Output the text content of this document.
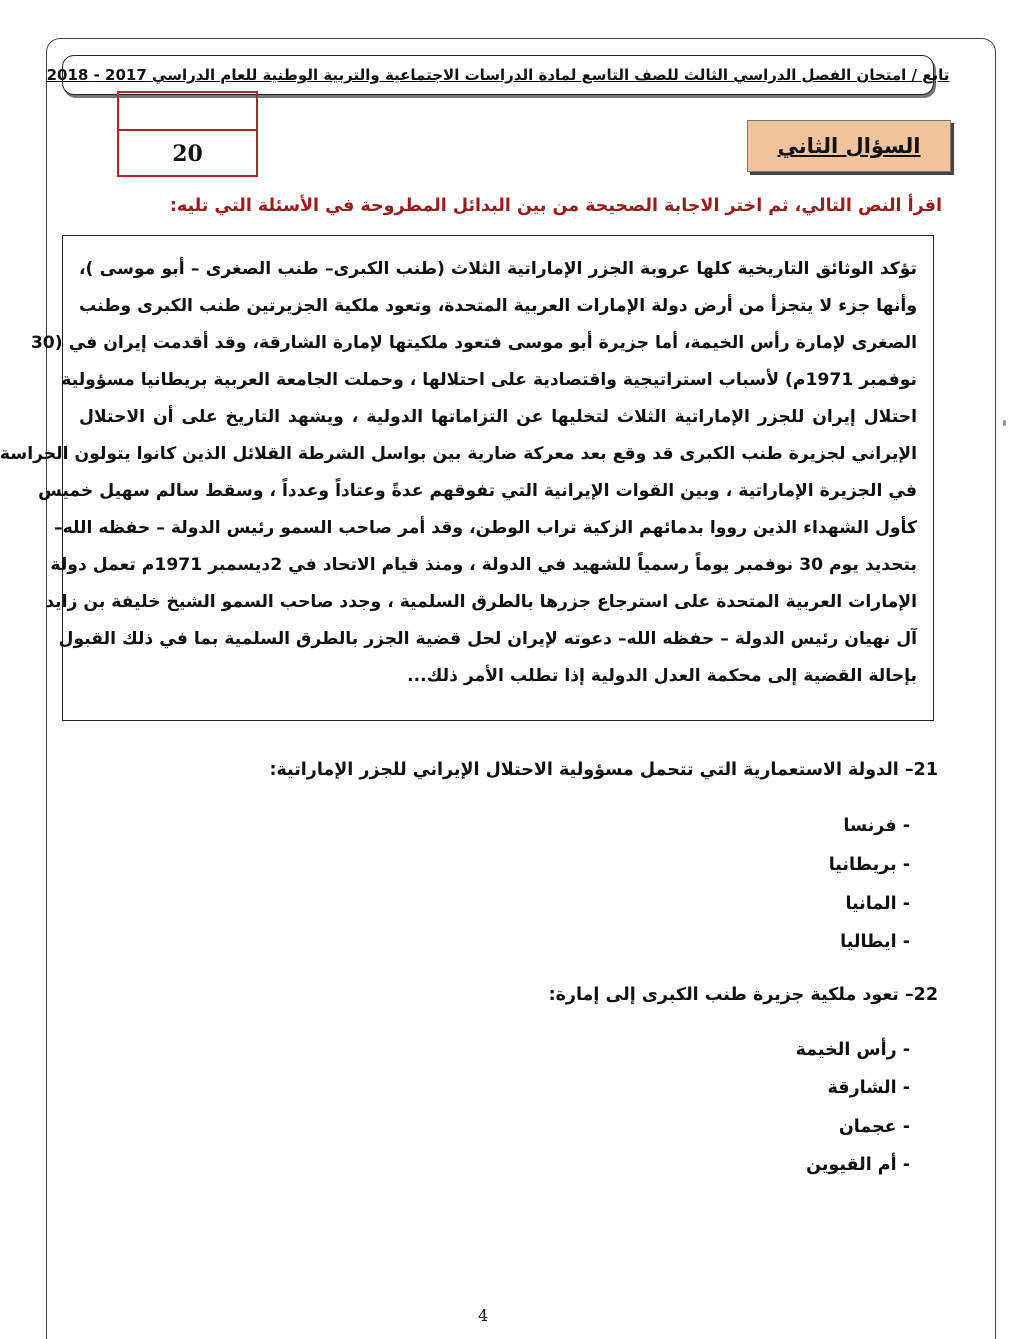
تابع / امتحان الفصل الدراسي الثالث للصف التاسع لمادة الدراسات الاجتماعية والتربية الوطنية للعام الدراسي 2017 - 2018
20	السؤال الثاني
اقرأ النص التالي، ثم اختر الاجابة الصحيحة من بين البدائل المطروحة في الأسئلة التي تليه:
تؤكد الوثائق التاريخية كلها عروبة الجزر الإماراتية الثلاث (طنب الكبرى– طنب الصغرى – أبو موسى )،
وأنها جزء لا يتجزأ من أرض دولة الإمارات العربية المتحدة، وتعود ملكية الجزيرتين طنب الكبرى وطنب
الصغرى لإمارة رأس الخيمة، أما جزيرة أبو موسى فتعود ملكيتها لإمارة الشارقة، وقد أقدمت إيران في (30
نوفمبر 1971م) لأسباب استراتيجية واقتصادية على احتلالها ، وحملت الجامعة العربية بريطانيا مسؤولية
احتلال إيران للجزر الإماراتية الثلاث لتخليها عن التزاماتها الدولية ، ويشهد التاريخ على أن الاحتلال
الإيراني لجزيرة طنب الكبرى قد وقع بعد معركة ضارية بين بواسل الشرطة القلائل الذين كانوا يتولون الحراسة
في الجزيرة الإماراتية ، وبين القوات الإيرانية التي تفوقهم عدةً وعتاداً وعدداً ، وسقط سالم سهيل خميس
كأول الشهداء الذين رووا بدمائهم الزكية تراب الوطن، وقد أمر صاحب السمو رئيس الدولة – حفظه الله–
بتحديد يوم 30 نوفمبر يوماً رسمياً للشهيد في الدولة ، ومنذ قيام الاتحاد في 2ديسمبر 1971م تعمل دولة
الإمارات العربية المتحدة على استرجاع جزرها بالطرق السلمية ، وجدد صاحب السمو الشيخ خليفة بن زايد
آل نهيان رئيس الدولة – حفظه الله– دعوته لإيران لحل قضية الجزر بالطرق السلمية بما في ذلك القبول
بإحالة القضية إلى محكمة العدل الدولية إذا تطلب الأمر ذلك...
21– الدولة الاستعمارية التي تتحمل مسؤولية الاحتلال الإيراني للجزر الإماراتية:
- فرنسا
- بريطانيا
- المانيا
- ايطاليا
22– تعود ملكية جزيرة طنب الكبرى إلى إمارة:
- رأس الخيمة
- الشارقة
- عجمان
- أم القيوين
4
